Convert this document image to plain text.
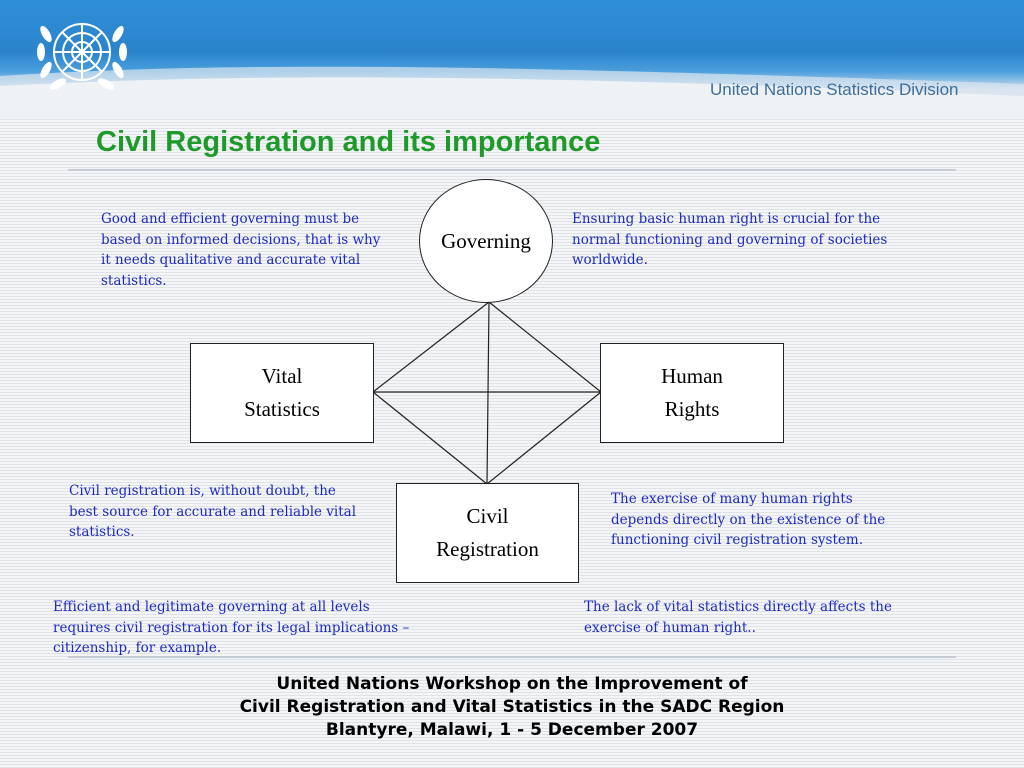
United Nations Statistics Division
Civil Registration and its importance
Governing
Vital
Statistics
Human
Rights
Civil
Registration

Good and efficient governing must be based on informed decisions, that is why it needs qualitative and accurate vital statistics.

Ensuring basic human right is crucial for the normal functioning and governing of societies worldwide.

Civil registration is, without doubt, the best source for accurate and reliable vital statistics.

The exercise of many human rights depends directly on the existence of the functioning civil registration system.

Efficient and legitimate governing at all levels requires civil registration for its legal implications – citizenship, for example.

The lack of vital statistics directly affects the exercise of human right..

United Nations Workshop on the Improvement of
Civil Registration and Vital Statistics in the SADC Region
Blantyre, Malawi, 1 - 5 December 2007
